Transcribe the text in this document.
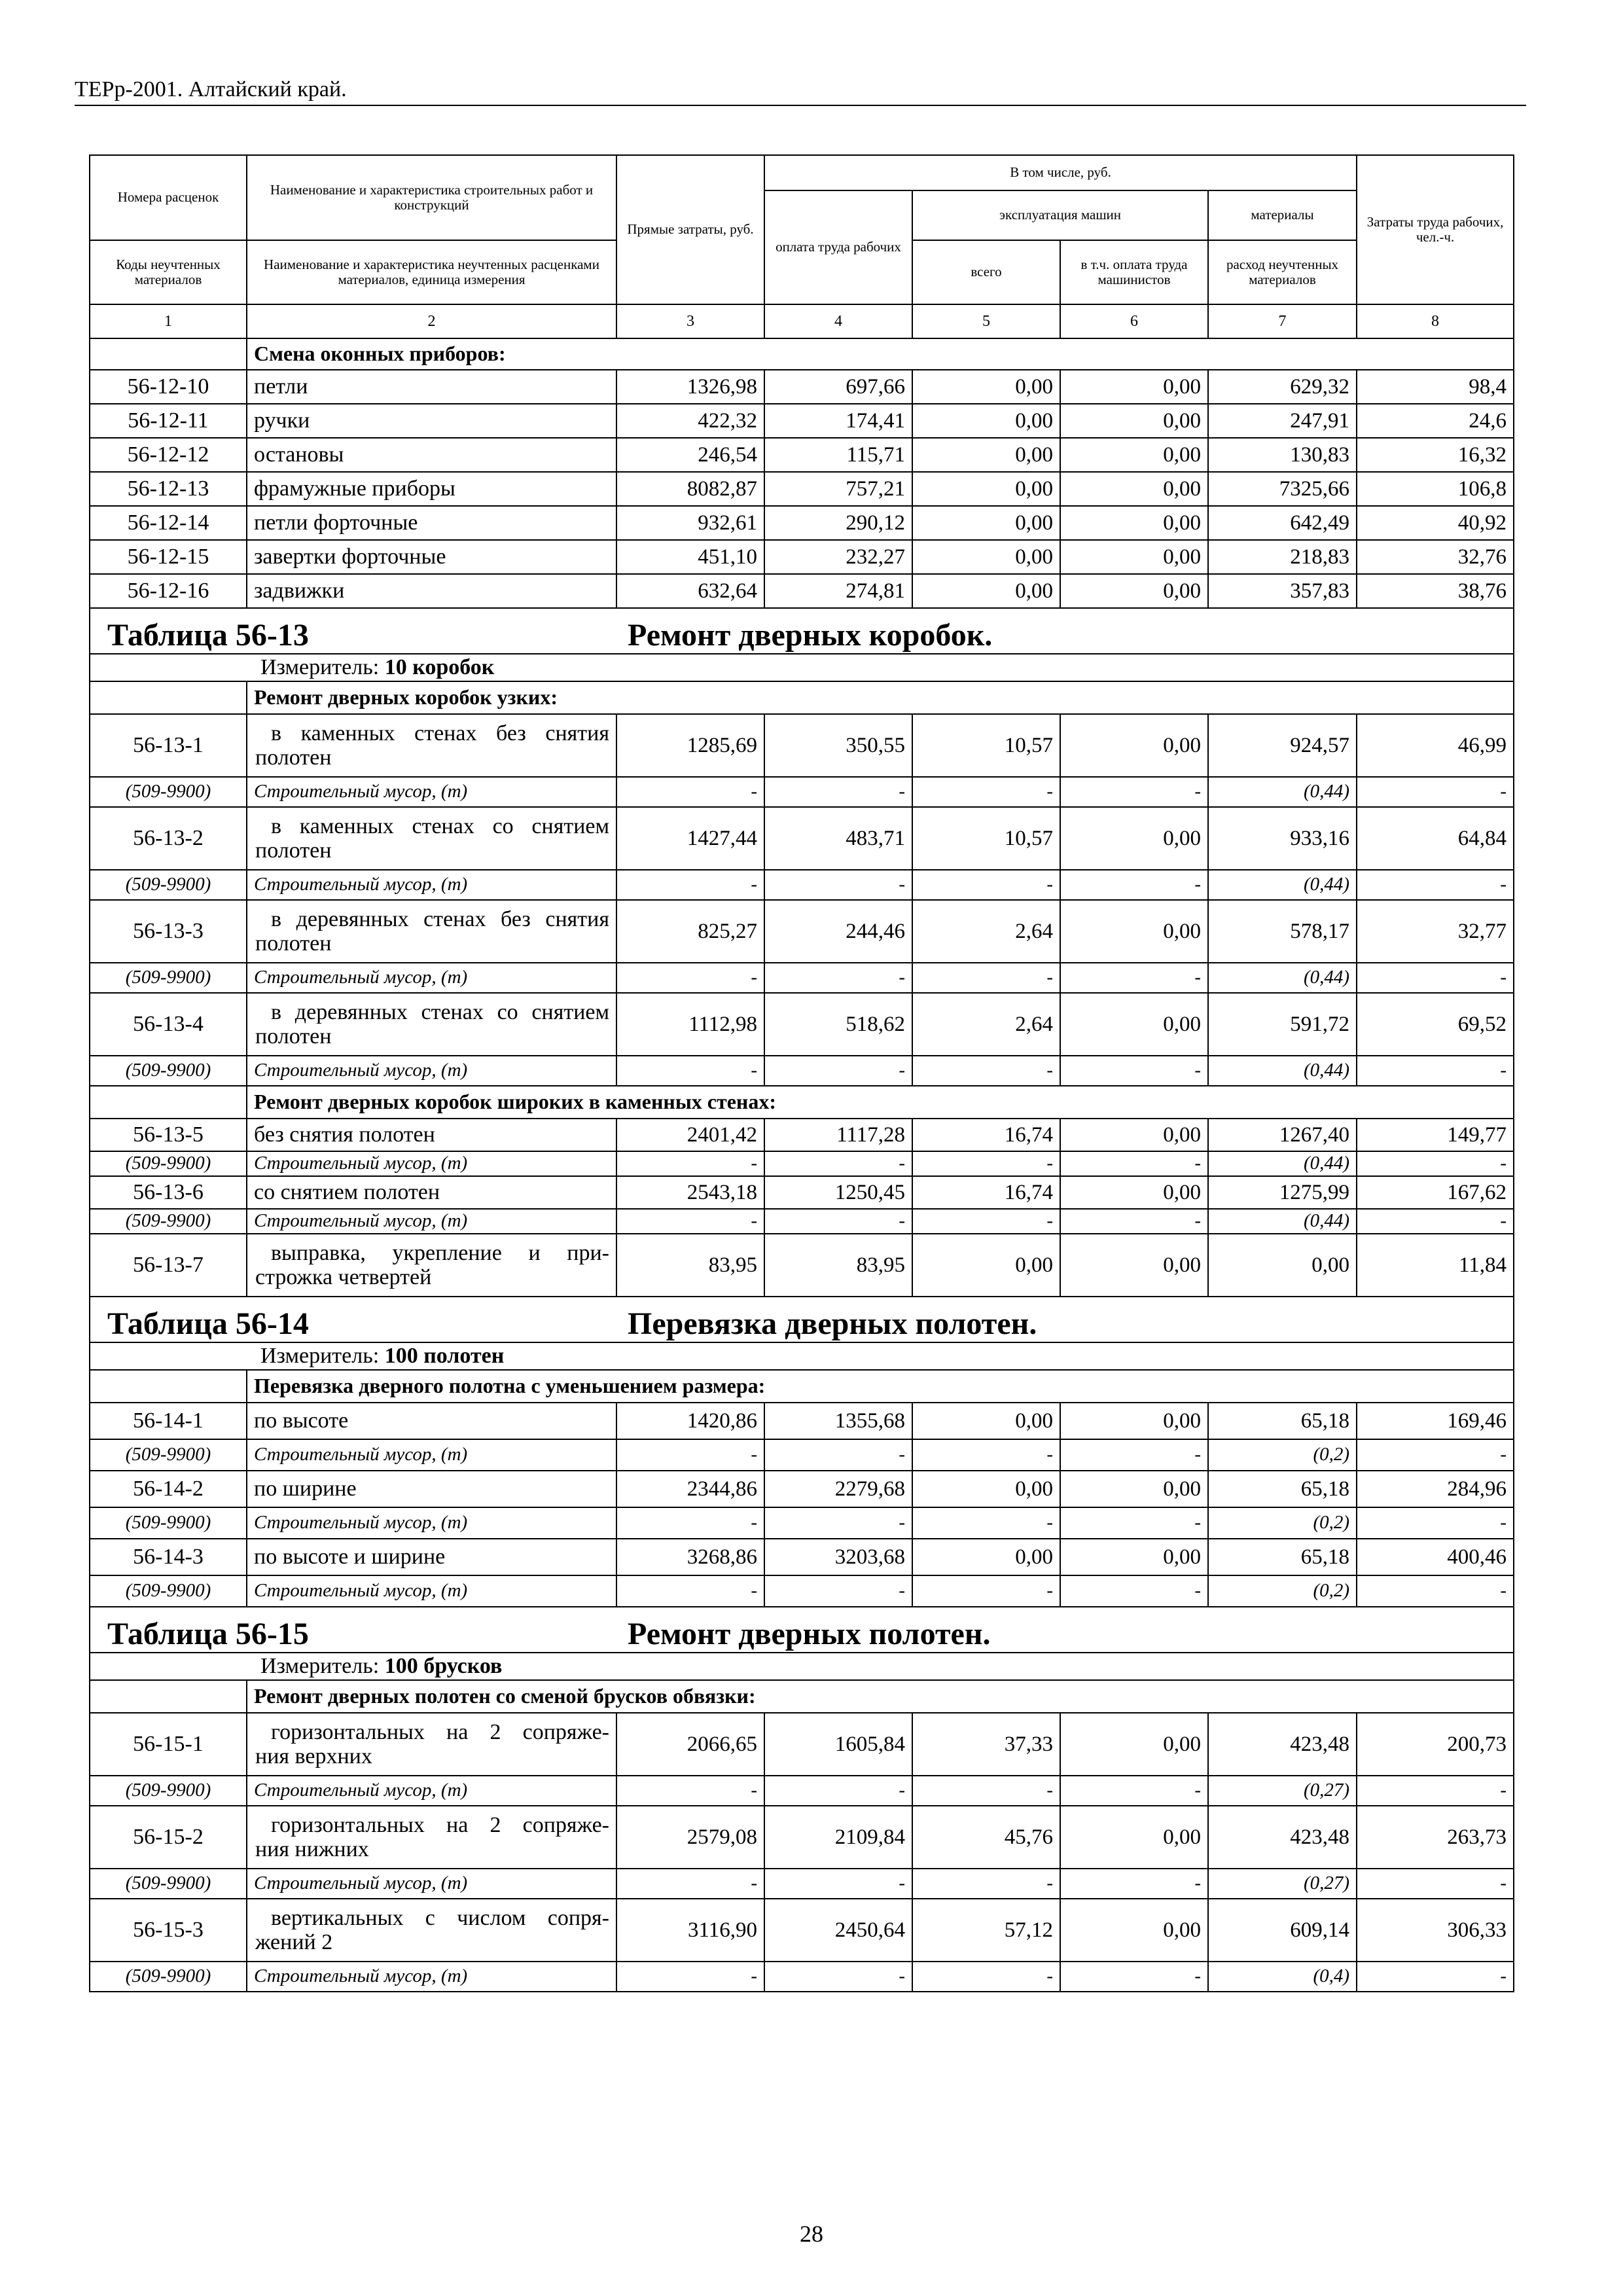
ТЕРр-2001. Алтайский край.
Номера расценок	Наименование и характеристика строительных работ и конструкций	Прямые затраты, руб.	В том числе, руб.				Затраты труда рабочих, чел.-ч.
			оплата труда рабочих	эксплуатация машин		материалы	
Коды неучтенных материалов	Наименование и характеристика неучтенных расценками материалов, единица измерения			всего	в т.ч. оплата труда машинистов	расход неучтенных материалов	
1	2	3	4	5	6	7	8
	Смена оконных приборов:						
56-12-10	петли	1326,98	697,66	0,00	0,00	629,32	98,4
56-12-11	ручки	422,32	174,41	0,00	0,00	247,91	24,6
56-12-12	остановы	246,54	115,71	0,00	0,00	130,83	16,32
56-12-13	фрамужные приборы	8082,87	757,21	0,00	0,00	7325,66	106,8
56-12-14	петли форточные	932,61	290,12	0,00	0,00	642,49	40,92
56-12-15	завертки форточные	451,10	232,27	0,00	0,00	218,83	32,76
56-12-16	задвижки	632,64	274,81	0,00	0,00	357,83	38,76
Таблица 56-13 Ремонт дверных коробок.							

Измеритель: 10 коробок							

	Ремонт дверных коробок узких:						
56-13-1	в каменных стенах без снятия
полотен	1285,69	350,55	10,57	0,00	924,57	46,99
(509-9900)	Строительный мусор, (т)	-	-	-	-	(0,44)	-
56-13-2	в каменных стенах со снятием
полотен	1427,44	483,71	10,57	0,00	933,16	64,84
(509-9900)	Строительный мусор, (т)	-	-	-	-	(0,44)	-
56-13-3	в деревянных стенах без снятия
полотен	825,27	244,46	2,64	0,00	578,17	32,77
(509-9900)	Строительный мусор, (т)	-	-	-	-	(0,44)	-
56-13-4	в деревянных стенах со снятием
полотен	1112,98	518,62	2,64	0,00	591,72	69,52
(509-9900)	Строительный мусор, (т)	-	-	-	-	(0,44)	-
	Ремонт дверных коробок широких в каменных стенах:						
56-13-5	без снятия полотен	2401,42	1117,28	16,74	0,00	1267,40	149,77
(509-9900)	Строительный мусор, (т)	-	-	-	-	(0,44)	-
56-13-6	со снятием полотен	2543,18	1250,45	16,74	0,00	1275,99	167,62
(509-9900)	Строительный мусор, (т)	-	-	-	-	(0,44)	-
56-13-7	выправка, укрепление и при-
строжка четвертей	83,95	83,95	0,00	0,00	0,00	11,84
Таблица 56-14 Перевязка дверных полотен.							

Измеритель: 100 полотен							

	Перевязка дверного полотна с уменьшением размера:						
56-14-1	по высоте	1420,86	1355,68	0,00	0,00	65,18	169,46
(509-9900)	Строительный мусор, (т)	-	-	-	-	(0,2)	-
56-14-2	по ширине	2344,86	2279,68	0,00	0,00	65,18	284,96
(509-9900)	Строительный мусор, (т)	-	-	-	-	(0,2)	-
56-14-3	по высоте и ширине	3268,86	3203,68	0,00	0,00	65,18	400,46
(509-9900)	Строительный мусор, (т)	-	-	-	-	(0,2)	-
Таблица 56-15 Ремонт дверных полотен.							

Измеритель: 100 брусков							

	Ремонт дверных полотен со сменой брусков обвязки:						
56-15-1	горизонтальных на 2 сопряже-
ния верхних	2066,65	1605,84	37,33	0,00	423,48	200,73
(509-9900)	Строительный мусор, (т)	-	-	-	-	(0,27)	-
56-15-2	горизонтальных на 2 сопряже-
ния нижних	2579,08	2109,84	45,76	0,00	423,48	263,73
(509-9900)	Строительный мусор, (т)	-	-	-	-	(0,27)	-
56-15-3	вертикальных с числом сопря-
жений 2	3116,90	2450,64	57,12	0,00	609,14	306,33
(509-9900)	Строительный мусор, (т)	-	-	-	-	(0,4)	-
28
